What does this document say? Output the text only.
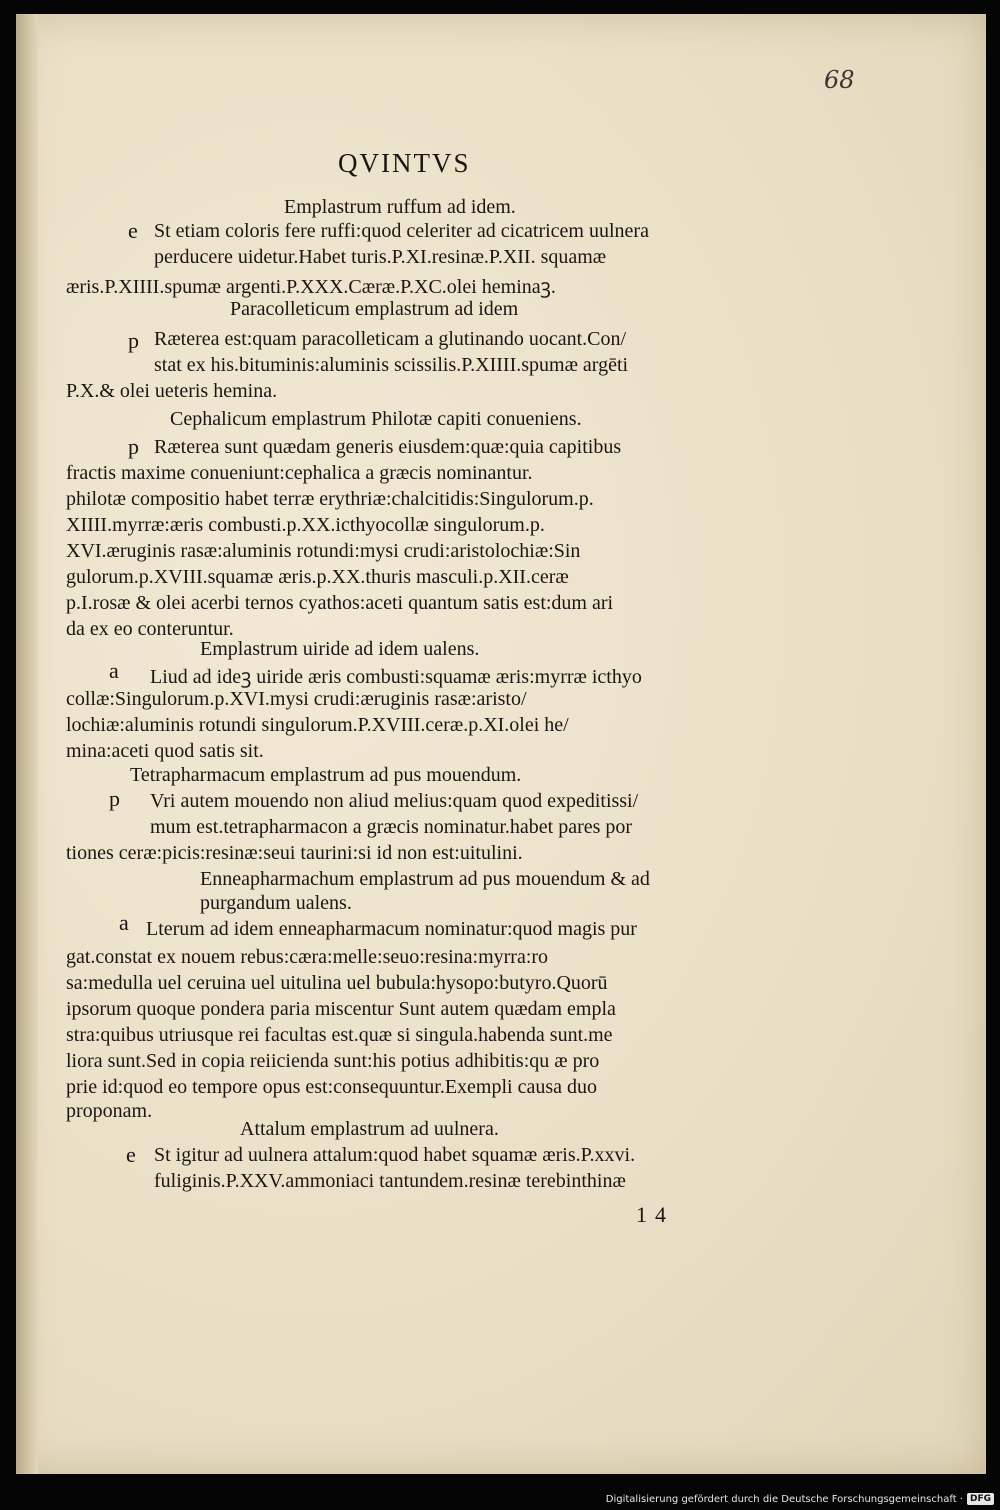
68
QVINTVS
e
p
p
a
p
a
e
Emplastrum ruffum ad idem.
St etiam coloris fere ruffi:quod celeriter ad cicatricem uulnera
perducere uidetur.Habet turis.P.XI.resinæ.P.XII. squamæ
æris.P.XIIII.spumæ argenti.P.XXX.Cæræ.P.XC.olei heminaꝫ.
Paracolleticum emplastrum ad idem
Ræterea est:quam paracolleticam a glutinando uocant.Con/
stat ex his.bituminis:aluminis scissilis.P.XIIII.spumæ argēti
P.X.& olei ueteris hemina.
Cephalicum emplastrum Philotæ capiti conueniens.
Ræterea sunt quædam generis eiusdem:quæ:quia capitibus
fractis maxime conueniunt:cephalica a græcis nominantur.
philotæ compositio habet terræ erythriæ:chalcitidis:Singulorum.p.
XIIII.myrræ:æris combusti.p.XX.icthyocollæ singulorum.p.
XVI.æruginis rasæ:aluminis rotundi:mysi crudi:aristolochiæ:Sin
gulorum.p.XVIII.squamæ æris.p.XX.thuris masculi.p.XII.ceræ
p.I.rosæ & olei acerbi ternos cyathos:aceti quantum satis est:dum ari
da ex eo conteruntur.
Emplastrum uiride ad idem ualens.
Liud ad ideꝫ uiride æris combusti:squamæ æris:myrræ icthyo
collæ:Singulorum.p.XVI.mysi crudi:æruginis rasæ:aristo/
lochiæ:aluminis rotundi singulorum.P.XVIII.ceræ.p.XI.olei he/
mina:aceti quod satis sit.
Tetrapharmacum emplastrum ad pus mouendum.
Vri autem mouendo non aliud melius:quam quod expeditissi/
mum est.tetrapharmacon a græcis nominatur.habet pares por
tiones ceræ:picis:resinæ:seui taurini:si id non est:uitulini.
Enneapharmachum emplastrum ad pus mouendum & ad
purgandum ualens.
Lterum ad idem enneapharmacum nominatur:quod magis pur
gat.constat ex nouem rebus:cæra:melle:seuo:resina:myrra:ro
sa:medulla uel ceruina uel uitulina uel bubula:hysopo:butyro.Quorū
ipsorum quoque pondera paria miscentur Sunt autem quædam empla
stra:quibus utriusque rei facultas est.quæ si singula.habenda sunt.me
liora sunt.Sed in copia reiicienda sunt:his potius adhibitis:qu æ pro
prie id:quod eo tempore opus est:consequuntur.Exempli causa duo
proponam.
Attalum emplastrum ad uulnera.
St igitur ad uulnera attalum:quod habet squamæ æris.P.xxvi.
fuliginis.P.XXV.ammoniaci tantundem.resinæ terebinthinæ
14
Digitalisierung gefördert durch die Deutsche Forschungsgemeinschaft · DFG
